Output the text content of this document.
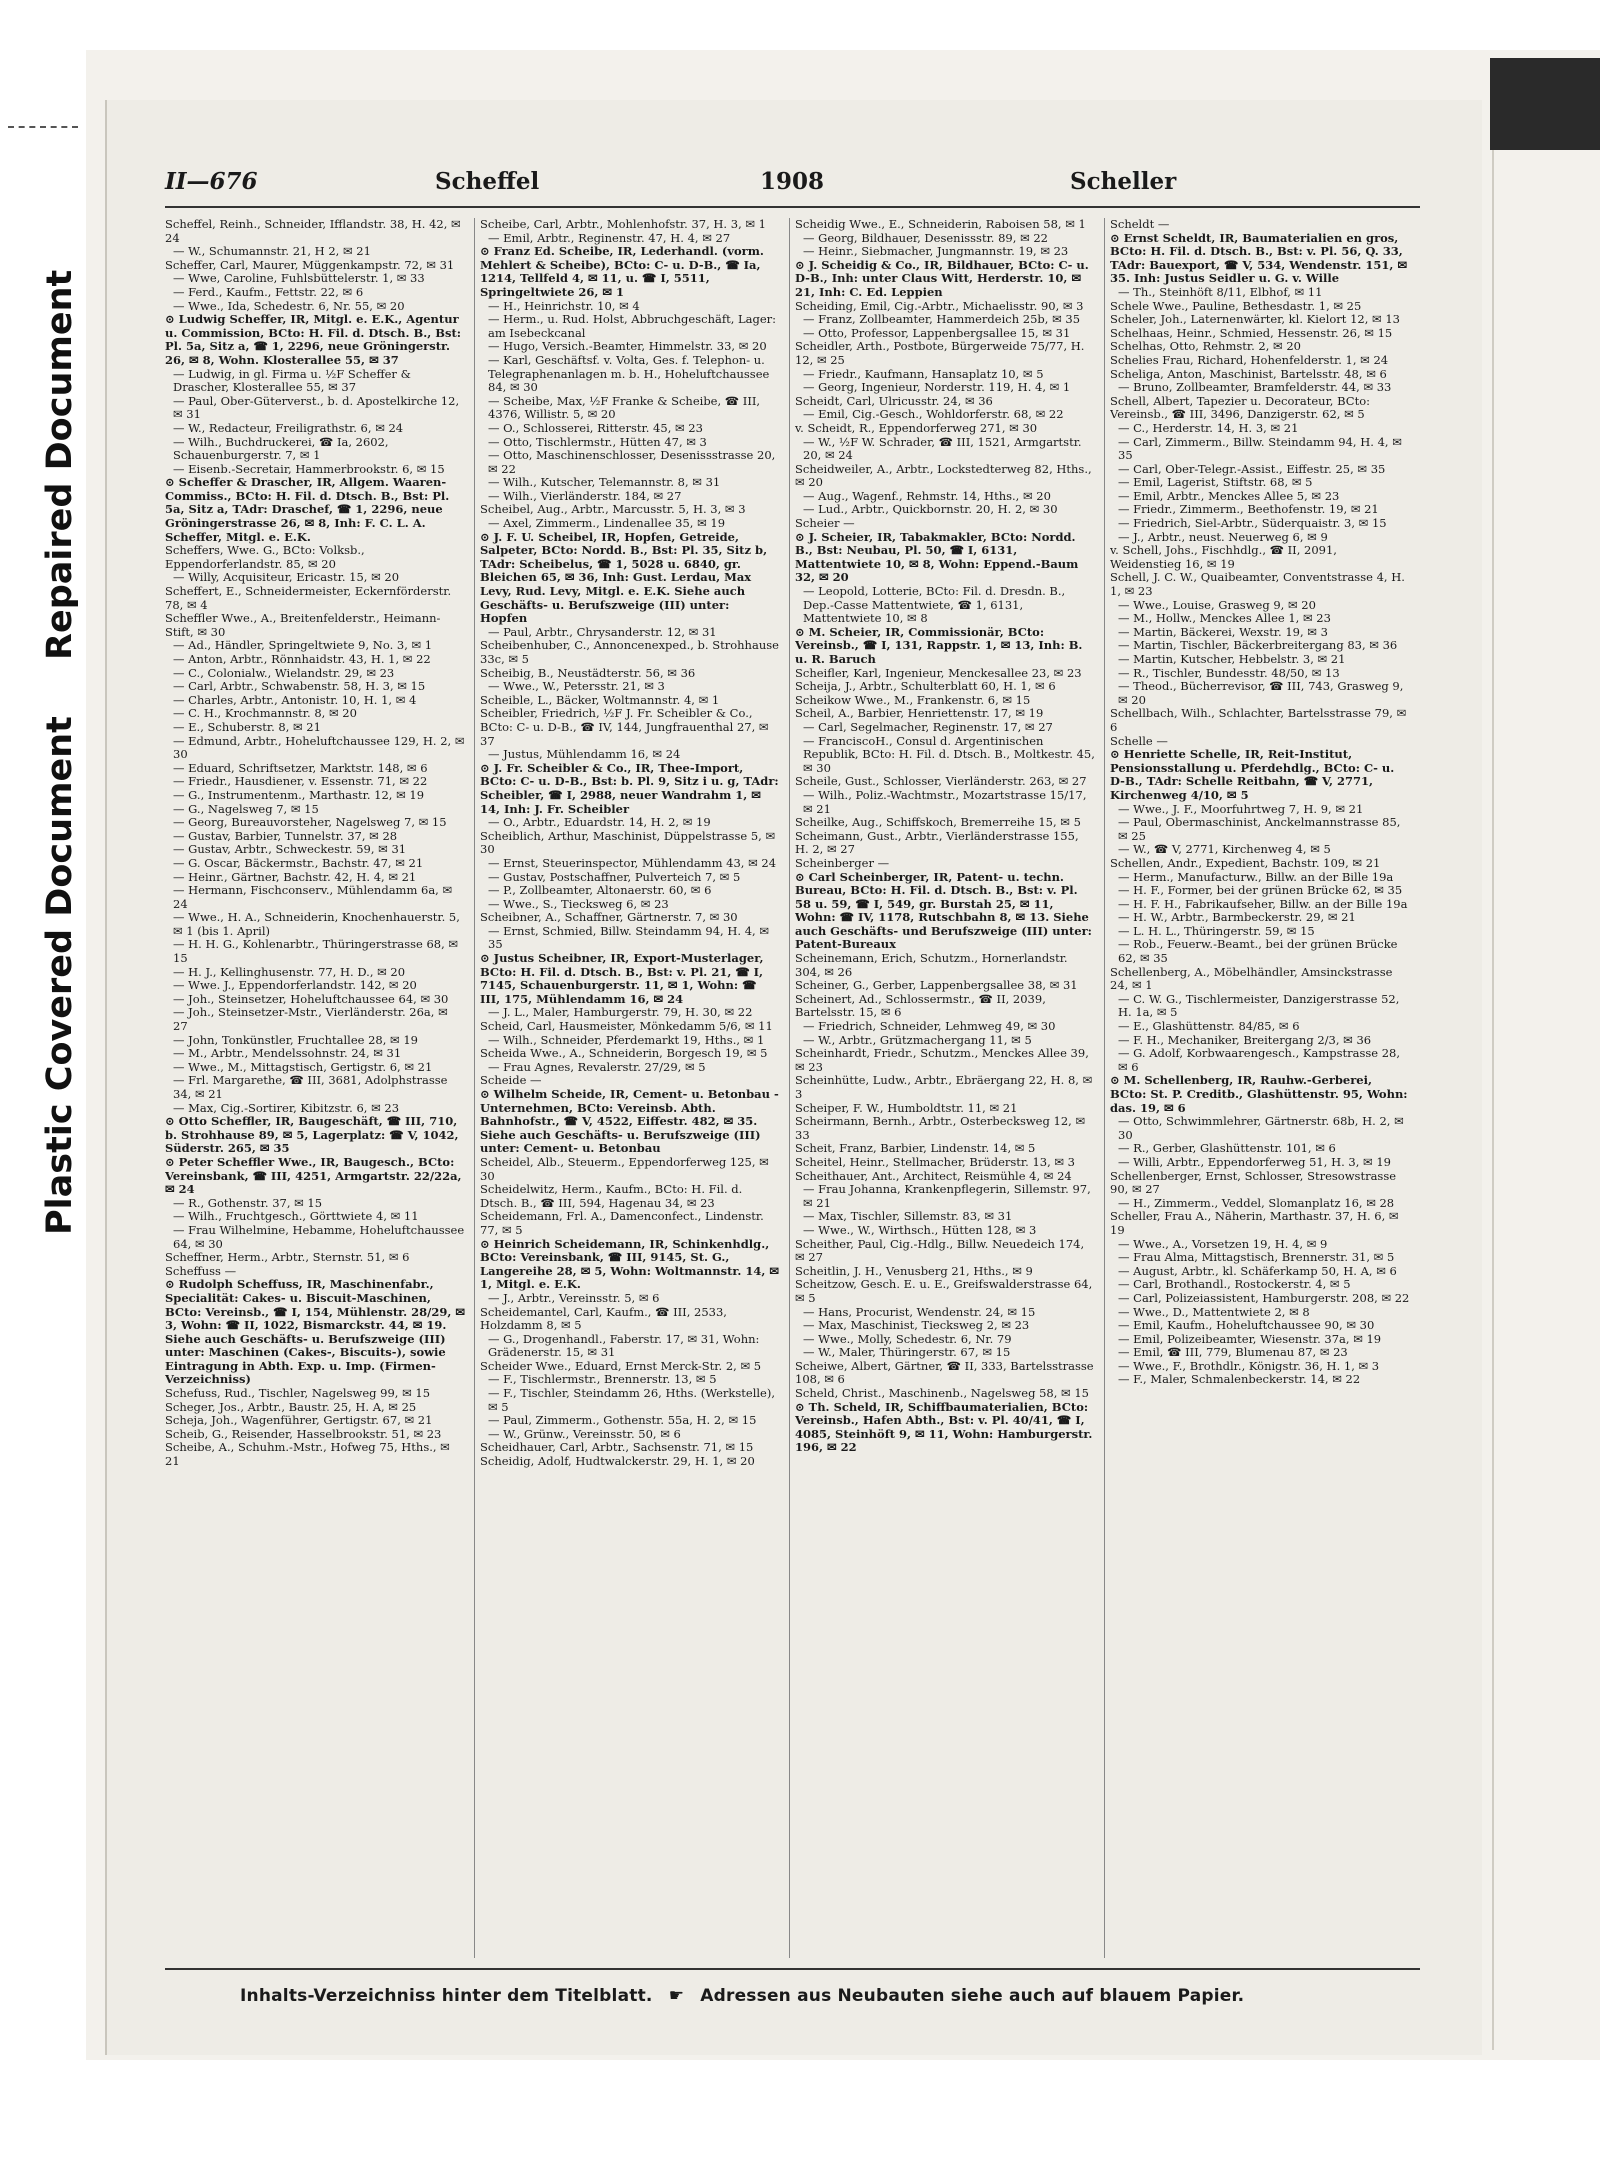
Repaired Document
Plastic Covered Document
II—676	Scheffel	1908	Scheller
Scheffel, Reinh., Schneider, Ifflandstr. 38, H. 42, ✉ 24
— W., Schumannstr. 21, H 2, ✉ 21
Scheffer, Carl, Maurer, Müggenkampstr. 72, ✉ 31
— Wwe, Caroline, Fuhlsbüttelerstr. 1, ✉ 33
— Ferd., Kaufm., Fettstr. 22, ✉ 6
— Wwe., Ida, Schedestr. 6, Nr. 55, ✉ 20
⊙ Ludwig Scheffer, IR, Mitgl. e. E.K., Agentur u. Commission, BCto: H. Fil. d. Dtsch. B., Bst: Pl. 5a, Sitz a, ☎ 1, 2296, neue Gröningerstr. 26, ✉ 8, Wohn. Klosterallee 55, ✉ 37
— Ludwig, in gl. Firma u. ½F Scheffer & Drascher, Klosterallee 55, ✉ 37
— Paul, Ober-Güterverst., b. d. Apostelkirche 12, ✉ 31
— W., Redacteur, Freiligrathstr. 6, ✉ 24
— Wilh., Buchdruckerei, ☎ Ia, 2602, Schauenburgerstr. 7, ✉ 1
— Eisenb.-Secretair, Hammerbrookstr. 6, ✉ 15
⊙ Scheffer & Drascher, IR, Allgem. Waaren-Commiss., BCto: H. Fil. d. Dtsch. B., Bst: Pl. 5a, Sitz a, TAdr: Draschef, ☎ 1, 2296, neue Gröningerstrasse 26, ✉ 8, Inh: F. C. L. A. Scheffer, Mitgl. e. E.K.
Scheffers, Wwe. G., BCto: Volksb., Eppendorferlandstr. 85, ✉ 20
— Willy, Acquisiteur, Ericastr. 15, ✉ 20
Scheffert, E., Schneidermeister, Eckernförderstr. 78, ✉ 4
Scheffler Wwe., A., Breitenfelderstr., Heimann-Stift, ✉ 30
— Ad., Händler, Springeltwiete 9, No. 3, ✉ 1
— Anton, Arbtr., Rönnhaidstr. 43, H. 1, ✉ 22
— C., Colonialw., Wielandstr. 29, ✉ 23
— Carl, Arbtr., Schwabenstr. 58, H. 3, ✉ 15
— Charles, Arbtr., Antonistr. 10, H. 1, ✉ 4
— C. H., Krochmannstr. 8, ✉ 20
— E., Schuberstr. 8, ✉ 21
— Edmund, Arbtr., Hoheluftchaussee 129, H. 2, ✉ 30
— Eduard, Schriftsetzer, Marktstr. 148, ✉ 6
— Friedr., Hausdiener, v. Essenstr. 71, ✉ 22
— G., Instrumentenm., Marthastr. 12, ✉ 19
— G., Nagelsweg 7, ✉ 15
— Georg, Bureauvorsteher, Nagelsweg 7, ✉ 15
— Gustav, Barbier, Tunnelstr. 37, ✉ 28
— Gustav, Arbtr., Schweckestr. 59, ✉ 31
— G. Oscar, Bäckermstr., Bachstr. 47, ✉ 21
— Heinr., Gärtner, Bachstr. 42, H. 4, ✉ 21
— Hermann, Fischconserv., Mühlendamm 6a, ✉ 24
— Wwe., H. A., Schneiderin, Knochenhauerstr. 5, ✉ 1 (bis 1. April)
— H. H. G., Kohlenarbtr., Thüringerstrasse 68, ✉ 15
— H. J., Kellinghusenstr. 77, H. D., ✉ 20
— Wwe. J., Eppendorferlandstr. 142, ✉ 20
— Joh., Steinsetzer, Hoheluftchaussee 64, ✉ 30
— Joh., Steinsetzer-Mstr., Vierländerstr. 26a, ✉ 27
— John, Tonkünstler, Fruchtallee 28, ✉ 19
— M., Arbtr., Mendelssohnstr. 24, ✉ 31
— Wwe., M., Mittagstisch, Gertigstr. 6, ✉ 21
— Frl. Margarethe, ☎ III, 3681, Adolphstrasse 34, ✉ 21
— Max, Cig.-Sortirer, Kibitzstr. 6, ✉ 23
⊙ Otto Scheffler, IR, Baugeschäft, ☎ III, 710, b. Strohhause 89, ✉ 5, Lagerplatz: ☎ V, 1042, Süderstr. 265, ✉ 35
⊙ Peter Scheffler Wwe., IR, Baugesch., BCto: Vereinsbank, ☎ III, 4251, Armgartstr. 22/22a, ✉ 24
— R., Gothenstr. 37, ✉ 15
— Wilh., Fruchtgesch., Görttwiete 4, ✉ 11
— Frau Wilhelmine, Hebamme, Hoheluftchaussee 64, ✉ 30
Scheffner, Herm., Arbtr., Sternstr. 51, ✉ 6
Scheffuss —
⊙ Rudolph Scheffuss, IR, Maschinenfabr., Specialität: Cakes- u. Biscuit-Maschinen, BCto: Vereinsb., ☎ I, 154, Mühlenstr. 28/29, ✉ 3, Wohn: ☎ II, 1022, Bismarckstr. 44, ✉ 19. Siehe auch Geschäfts- u. Berufszweige (III) unter: Maschinen (Cakes-, Biscuits-), sowie Eintragung in Abth. Exp. u. Imp. (Firmen-Verzeichniss)
Schefuss, Rud., Tischler, Nagelsweg 99, ✉ 15
Scheger, Jos., Arbtr., Baustr. 25, H. A, ✉ 25
Scheja, Joh., Wagenführer, Gertigstr. 67, ✉ 21
Scheib, G., Reisender, Hasselbrookstr. 51, ✉ 23
Scheibe, A., Schuhm.-Mstr., Hofweg 75, Hths., ✉ 21
Scheibe, Carl, Arbtr., Mohlenhofstr. 37, H. 3, ✉ 1
— Emil, Arbtr., Reginenstr. 47, H. 4, ✉ 27
⊙ Franz Ed. Scheibe, IR, Lederhandl. (vorm. Mehlert & Scheibe), BCto: C- u. D-B., ☎ Ia, 1214, Tellfeld 4, ✉ 11, u. ☎ I, 5511, Springeltwiete 26, ✉ 1
— H., Heinrichstr. 10, ✉ 4
— Herm., u. Rud. Holst, Abbruchgeschäft, Lager: am Isebeckcanal
— Hugo, Versich.-Beamter, Himmelstr. 33, ✉ 20
— Karl, Geschäftsf. v. Volta, Ges. f. Telephon- u. Telegraphenanlagen m. b. H., Hoheluftchaussee 84, ✉ 30
— Scheibe, Max, ½F Franke & Scheibe, ☎ III, 4376, Willistr. 5, ✉ 20
— O., Schlosserei, Ritterstr. 45, ✉ 23
— Otto, Tischlermstr., Hütten 47, ✉ 3
— Otto, Maschinenschlosser, Desenissstrasse 20, ✉ 22
— Wilh., Kutscher, Telemannstr. 8, ✉ 31
— Wilh., Vierländerstr. 184, ✉ 27
Scheibel, Aug., Arbtr., Marcusstr. 5, H. 3, ✉ 3
— Axel, Zimmerm., Lindenallee 35, ✉ 19
⊙ J. F. U. Scheibel, IR, Hopfen, Getreide, Salpeter, BCto: Nordd. B., Bst: Pl. 35, Sitz b, TAdr: Scheibelus, ☎ 1, 5028 u. 6840, gr. Bleichen 65, ✉ 36, Inh: Gust. Lerdau, Max Levy, Rud. Levy, Mitgl. e. E.K. Siehe auch Geschäfts- u. Berufszweige (III) unter: Hopfen
— Paul, Arbtr., Chrysanderstr. 12, ✉ 31
Scheibenhuber, C., Annoncenexped., b. Strohhause 33c, ✉ 5
Scheibig, B., Neustädterstr. 56, ✉ 36
— Wwe., W., Petersstr. 21, ✉ 3
Scheible, L., Bäcker, Woltmannstr. 4, ✉ 1
Scheibler, Friedrich, ½F J. Fr. Scheibler & Co., BCto: C- u. D-B., ☎ IV, 144, Jungfrauenthal 27, ✉ 37
— Justus, Mühlendamm 16, ✉ 24
⊙ J. Fr. Scheibler & Co., IR, Thee-Import, BCto: C- u. D-B., Bst: b. Pl. 9, Sitz i u. g, TAdr: Scheibler, ☎ I, 2988, neuer Wandrahm 1, ✉ 14, Inh: J. Fr. Scheibler
— O., Arbtr., Eduardstr. 14, H. 2, ✉ 19
Scheiblich, Arthur, Maschinist, Düppelstrasse 5, ✉ 30
— Ernst, Steuerinspector, Mühlendamm 43, ✉ 24
— Gustav, Postschaffner, Pulverteich 7, ✉ 5
— P., Zollbeamter, Altonaerstr. 60, ✉ 6
— Wwe., S., Tiecksweg 6, ✉ 23
Scheibner, A., Schaffner, Gärtnerstr. 7, ✉ 30
— Ernst, Schmied, Billw. Steindamm 94, H. 4, ✉ 35
⊙ Justus Scheibner, IR, Export-Musterlager, BCto: H. Fil. d. Dtsch. B., Bst: v. Pl. 21, ☎ I, 7145, Schauenburgerstr. 11, ✉ 1, Wohn: ☎ III, 175, Mühlendamm 16, ✉ 24
— J. L., Maler, Hamburgerstr. 79, H. 30, ✉ 22
Scheid, Carl, Hausmeister, Mönkedamm 5/6, ✉ 11
— Wilh., Schneider, Pferdemarkt 19, Hths., ✉ 1
Scheida Wwe., A., Schneiderin, Borgesch 19, ✉ 5
— Frau Agnes, Revalerstr. 27/29, ✉ 5
Scheide —
⊙ Wilhelm Scheide, IR, Cement- u. Betonbau - Unternehmen, BCto: Vereinsb. Abth. Bahnhofstr., ☎ V, 4522, Eiffestr. 482, ✉ 35. Siehe auch Geschäfts- u. Berufszweige (III) unter: Cement- u. Betonbau
Scheidel, Alb., Steuerm., Eppendorferweg 125, ✉ 30
Scheidelwitz, Herm., Kaufm., BCto: H. Fil. d. Dtsch. B., ☎ III, 594, Hagenau 34, ✉ 23
Scheidemann, Frl. A., Damenconfect., Lindenstr. 77, ✉ 5
⊙ Heinrich Scheidemann, IR, Schinkenhdlg., BCto: Vereinsbank, ☎ III, 9145, St. G., Langereihe 28, ✉ 5, Wohn: Woltmannstr. 14, ✉ 1, Mitgl. e. E.K.
— J., Arbtr., Vereinsstr. 5, ✉ 6
Scheidemantel, Carl, Kaufm., ☎ III, 2533, Holzdamm 8, ✉ 5
— G., Drogenhandl., Faberstr. 17, ✉ 31, Wohn: Grädenerstr. 15, ✉ 31
Scheider Wwe., Eduard, Ernst Merck-Str. 2, ✉ 5
— F., Tischlermstr., Brennerstr. 13, ✉ 5
— F., Tischler, Steindamm 26, Hths. (Werkstelle), ✉ 5
— Paul, Zimmerm., Gothenstr. 55a, H. 2, ✉ 15
— W., Grünw., Vereinsstr. 50, ✉ 6
Scheidhauer, Carl, Arbtr., Sachsenstr. 71, ✉ 15
Scheidig, Adolf, Hudtwalckerstr. 29, H. 1, ✉ 20
Scheidig Wwe., E., Schneiderin, Raboisen 58, ✉ 1
— Georg, Bildhauer, Desenissstr. 89, ✉ 22
— Heinr., Siebmacher, Jungmannstr. 19, ✉ 23
⊙ J. Scheidig & Co., IR, Bildhauer, BCto: C- u. D-B., Inh: unter Claus Witt, Herderstr. 10, ✉ 21, Inh: C. Ed. Leppien
Scheiding, Emil, Cig.-Arbtr., Michaelisstr. 90, ✉ 3
— Franz, Zollbeamter, Hammerdeich 25b, ✉ 35
— Otto, Professor, Lappenbergsallee 15, ✉ 31
Scheidler, Arth., Postbote, Bürgerweide 75/77, H. 12, ✉ 25
— Friedr., Kaufmann, Hansaplatz 10, ✉ 5
— Georg, Ingenieur, Norderstr. 119, H. 4, ✉ 1
Scheidt, Carl, Ulricusstr. 24, ✉ 36
— Emil, Cig.-Gesch., Wohldorferstr. 68, ✉ 22
v. Scheidt, R., Eppendorferweg 271, ✉ 30
— W., ½F W. Schrader, ☎ III, 1521, Armgartstr. 20, ✉ 24
Scheidweiler, A., Arbtr., Lockstedterweg 82, Hths., ✉ 20
— Aug., Wagenf., Rehmstr. 14, Hths., ✉ 20
— Lud., Arbtr., Quickbornstr. 20, H. 2, ✉ 30
Scheier —
⊙ J. Scheier, IR, Tabakmakler, BCto: Nordd. B., Bst: Neubau, Pl. 50, ☎ I, 6131, Mattentwiete 10, ✉ 8, Wohn: Eppend.-Baum 32, ✉ 20
— Leopold, Lotterie, BCto: Fil. d. Dresdn. B., Dep.-Casse Mattentwiete, ☎ 1, 6131, Mattentwiete 10, ✉ 8
⊙ M. Scheier, IR, Commissionär, BCto: Vereinsb., ☎ I, 131, Rappstr. 1, ✉ 13, Inh: B. u. R. Baruch
Scheifler, Karl, Ingenieur, Menckesallee 23, ✉ 23
Scheija, J., Arbtr., Schulterblatt 60, H. 1, ✉ 6
Scheikow Wwe., M., Frankenstr. 6, ✉ 15
Scheil, A., Barbier, Henriettenstr. 17, ✉ 19
— Carl, Segelmacher, Reginenstr. 17, ✉ 27
— FranciscoH., Consul d. Argentinischen Republik, BCto: H. Fil. d. Dtsch. B., Moltkestr. 45, ✉ 30
Scheile, Gust., Schlosser, Vierländerstr. 263, ✉ 27
— Wilh., Poliz.-Wachtmstr., Mozartstrasse 15/17, ✉ 21
Scheilke, Aug., Schiffskoch, Bremerreihe 15, ✉ 5
Scheimann, Gust., Arbtr., Vierländerstrasse 155, H. 2, ✉ 27
Scheinberger —
⊙ Carl Scheinberger, IR, Patent- u. techn. Bureau, BCto: H. Fil. d. Dtsch. B., Bst: v. Pl. 58 u. 59, ☎ I, 549, gr. Burstah 25, ✉ 11, Wohn: ☎ IV, 1178, Rutschbahn 8, ✉ 13. Siehe auch Geschäfts- und Berufszweige (III) unter: Patent-Bureaux
Scheinemann, Erich, Schutzm., Hornerlandstr. 304, ✉ 26
Scheiner, G., Gerber, Lappenbergsallee 38, ✉ 31
Scheinert, Ad., Schlossermstr., ☎ II, 2039, Bartelsstr. 15, ✉ 6
— Friedrich, Schneider, Lehmweg 49, ✉ 30
— W., Arbtr., Grützmachergang 11, ✉ 5
Scheinhardt, Friedr., Schutzm., Menckes Allee 39, ✉ 23
Scheinhütte, Ludw., Arbtr., Ebräergang 22, H. 8, ✉ 3
Scheiper, F. W., Humboldtstr. 11, ✉ 21
Scheirmann, Bernh., Arbtr., Osterbecksweg 12, ✉ 33
Scheit, Franz, Barbier, Lindenstr. 14, ✉ 5
Scheitel, Heinr., Stellmacher, Brüderstr. 13, ✉ 3
Scheithauer, Ant., Architect, Reismühle 4, ✉ 24
— Frau Johanna, Krankenpflegerin, Sillemstr. 97, ✉ 21
— Max, Tischler, Sillemstr. 83, ✉ 31
— Wwe., W., Wirthsch., Hütten 128, ✉ 3
Scheither, Paul, Cig.-Hdlg., Billw. Neuedeich 174, ✉ 27
Scheitlin, J. H., Venusberg 21, Hths., ✉ 9
Scheitzow, Gesch. E. u. E., Greifswalderstrasse 64, ✉ 5
— Hans, Procurist, Wendenstr. 24, ✉ 15
— Max, Maschinist, Tiecksweg 2, ✉ 23
— Wwe., Molly, Schedestr. 6, Nr. 79
— W., Maler, Thüringerstr. 67, ✉ 15
Scheiwe, Albert, Gärtner, ☎ II, 333, Bartelsstrasse 108, ✉ 6
Scheld, Christ., Maschinenb., Nagelsweg 58, ✉ 15
⊙ Th. Scheld, IR, Schiffbaumaterialien, BCto: Vereinsb., Hafen Abth., Bst: v. Pl. 40/41, ☎ I, 4085, Steinhöft 9, ✉ 11, Wohn: Hamburgerstr. 196, ✉ 22
Scheldt —
⊙ Ernst Scheldt, IR, Baumaterialien en gros, BCto: H. Fil. d. Dtsch. B., Bst: v. Pl. 56, Q. 33, TAdr: Bauexport, ☎ V, 534, Wendenstr. 151, ✉ 35. Inh: Justus Seidler u. G. v. Wille
— Th., Steinhöft 8/11, Elbhof, ✉ 11
Schele Wwe., Pauline, Bethesdastr. 1, ✉ 25
Scheler, Joh., Laternenwärter, kl. Kielort 12, ✉ 13
Schelhaas, Heinr., Schmied, Hessenstr. 26, ✉ 15
Schelhas, Otto, Rehmstr. 2, ✉ 20
Schelies Frau, Richard, Hohenfelderstr. 1, ✉ 24
Scheliga, Anton, Maschinist, Bartelsstr. 48, ✉ 6
— Bruno, Zollbeamter, Bramfelderstr. 44, ✉ 33
Schell, Albert, Tapezier u. Decorateur, BCto: Vereinsb., ☎ III, 3496, Danzigerstr. 62, ✉ 5
— C., Herderstr. 14, H. 3, ✉ 21
— Carl, Zimmerm., Billw. Steindamm 94, H. 4, ✉ 35
— Carl, Ober-Telegr.-Assist., Eiffestr. 25, ✉ 35
— Emil, Lagerist, Stiftstr. 68, ✉ 5
— Emil, Arbtr., Menckes Allee 5, ✉ 23
— Friedr., Zimmerm., Beethofenstr. 19, ✉ 21
— Friedrich, Siel-Arbtr., Süderquaistr. 3, ✉ 15
— J., Arbtr., neust. Neuerweg 6, ✉ 9
v. Schell, Johs., Fischhdlg., ☎ II, 2091, Weidenstieg 16, ✉ 19
Schell, J. C. W., Quaibeamter, Conventstrasse 4, H. 1, ✉ 23
— Wwe., Louise, Grasweg 9, ✉ 20
— M., Hollw., Menckes Allee 1, ✉ 23
— Martin, Bäckerei, Wexstr. 19, ✉ 3
— Martin, Tischler, Bäckerbreitergang 83, ✉ 36
— Martin, Kutscher, Hebbelstr. 3, ✉ 21
— R., Tischler, Bundesstr. 48/50, ✉ 13
— Theod., Bücherrevisor, ☎ III, 743, Grasweg 9, ✉ 20
Schellbach, Wilh., Schlachter, Bartelsstrasse 79, ✉ 6
Schelle —
⊙ Henriette Schelle, IR, Reit-Institut, Pensionsstallung u. Pferdehdlg., BCto: C- u. D-B., TAdr: Schelle Reitbahn, ☎ V, 2771, Kirchenweg 4/10, ✉ 5
— Wwe., J. F., Moorfuhrtweg 7, H. 9, ✉ 21
— Paul, Obermaschinist, Anckelmannstrasse 85, ✉ 25
— W., ☎ V, 2771, Kirchenweg 4, ✉ 5
Schellen, Andr., Expedient, Bachstr. 109, ✉ 21
— Herm., Manufacturw., Billw. an der Bille 19a
— H. F., Former, bei der grünen Brücke 62, ✉ 35
— H. F. H., Fabrikaufseher, Billw. an der Bille 19a
— H. W., Arbtr., Barmbeckerstr. 29, ✉ 21
— L. H. L., Thüringerstr. 59, ✉ 15
— Rob., Feuerw.-Beamt., bei der grünen Brücke 62, ✉ 35
Schellenberg, A., Möbelhändler, Amsinckstrasse 24, ✉ 1
— C. W. G., Tischlermeister, Danzigerstrasse 52, H. 1a, ✉ 5
— E., Glashüttenstr. 84/85, ✉ 6
— F. H., Mechaniker, Breitergang 2/3, ✉ 36
— G. Adolf, Korbwaarengesch., Kampstrasse 28, ✉ 6
⊙ M. Schellenberg, IR, Rauhw.-Gerberei, BCto: St. P. Creditb., Glashüttenstr. 95, Wohn: das. 19, ✉ 6
— Otto, Schwimmlehrer, Gärtnerstr. 68b, H. 2, ✉ 30
— R., Gerber, Glashüttenstr. 101, ✉ 6
— Willi, Arbtr., Eppendorferweg 51, H. 3, ✉ 19
Schellenberger, Ernst, Schlosser, Stresowstrasse 90, ✉ 27
— H., Zimmerm., Veddel, Slomanplatz 16, ✉ 28
Scheller, Frau A., Näherin, Marthastr. 37, H. 6, ✉ 19
— Wwe., A., Vorsetzen 19, H. 4, ✉ 9
— Frau Alma, Mittagstisch, Brennerstr. 31, ✉ 5
— August, Arbtr., kl. Schäferkamp 50, H. A, ✉ 6
— Carl, Brothandl., Rostockerstr. 4, ✉ 5
— Carl, Polizeiassistent, Hamburgerstr. 208, ✉ 22
— Wwe., D., Mattentwiete 2, ✉ 8
— Emil, Kaufm., Hoheluftchaussee 90, ✉ 30
— Emil, Polizeibeamter, Wiesenstr. 37a, ✉ 19
— Emil, ☎ III, 779, Blumenau 87, ✉ 23
— Wwe., F., Brothdlr., Königstr. 36, H. 1, ✉ 3
— F., Maler, Schmalenbeckerstr. 14, ✉ 22
Inhalts-Verzeichniss hinter dem Titelblatt. ☛ Adressen aus Neubauten siehe auch auf blauem Papier.
